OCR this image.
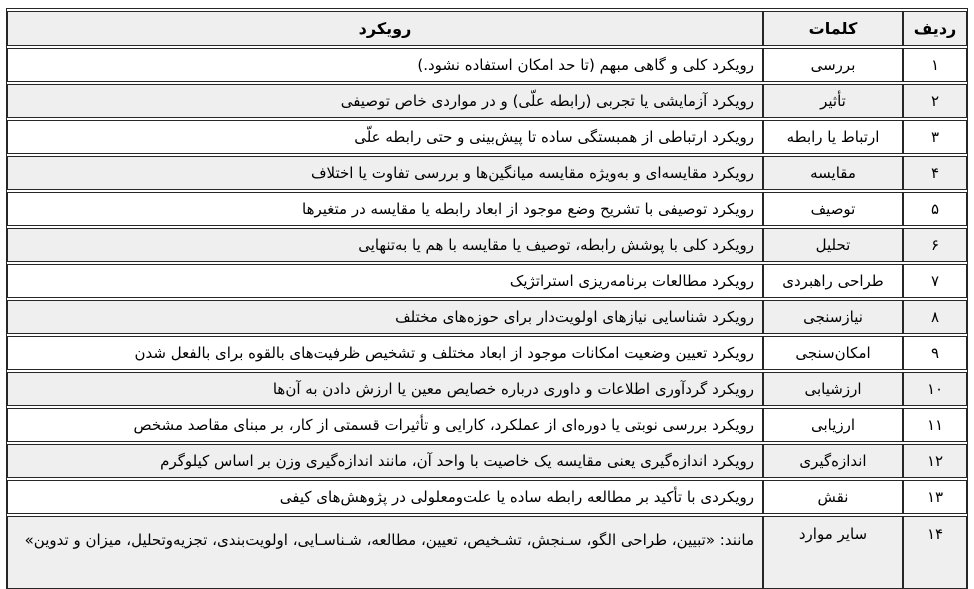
ردیف	کلمات	رویکرد
۱	بررسی	رویکرد کلی و گاهی مبهم (تا حد امکان استفاده نشود.)
۲	تأثیر	رویکرد آزمایشی یا تجربی (رابطه علّی) و در مواردی خاص توصیفی
۳	ارتباط یا رابطه	رویکرد ارتباطی از همبستگی ساده تا پیش‌بینی و حتی رابطه علّی
۴	مقایسه	رویکرد مقایسه‌ای و به‌ویژه مقایسه میانگین‌ها و بررسی تفاوت یا اختلاف
۵	توصیف	رویکرد توصیفی با تشریح وضع موجود از ابعاد رابطه یا مقایسه در متغیرها
۶	تحلیل	رویکرد کلی با پوشش رابطه، توصیف یا مقایسه با هم یا به‌تنهایی
۷	طراحی راهبردی	رویکرد مطالعات برنامه‌ریزی استراتژیک
۸	نیازسنجی	رویکرد شناسایی نیازهای اولویت‌دار برای حوزه‌های مختلف
۹	امکان‌سنجی	رویکرد تعیین وضعیت امکانات موجود از ابعاد مختلف و تشخیص ظرفیت‌های بالقوه برای بالفعل شدن
۱۰	ارزشیابی	رویکرد گردآوری اطلاعات و داوری درباره خصایص معین یا ارزش دادن به آن‌ها
۱۱	ارزیابی	رویکرد بررسی نوبتی یا دوره‌ای از عملکرد، کارایی و تأثیرات قسمتی از کار، بر مبنای مقاصد مشخص
۱۲	اندازه‌گیری	رویکرد اندازه‌گیری یعنی مقایسه یک خاصیت با واحد آن، مانند اندازه‌گیری وزن بر اساس کیلوگرم
۱۳	نقش	رویکردی با تأکید بر مطالعه رابطه ساده یا علت‌ومعلولی در پژوهش‌های کیفی
۱۴	سایر موارد	مانند: «تبیین، طراحی الگو، سـنجش، تشـخیص، تعیین، مطالعه، شـناسـایی، اولویت‌بندی، تجزیه‌وتحلیل، میزان و تدوین»
